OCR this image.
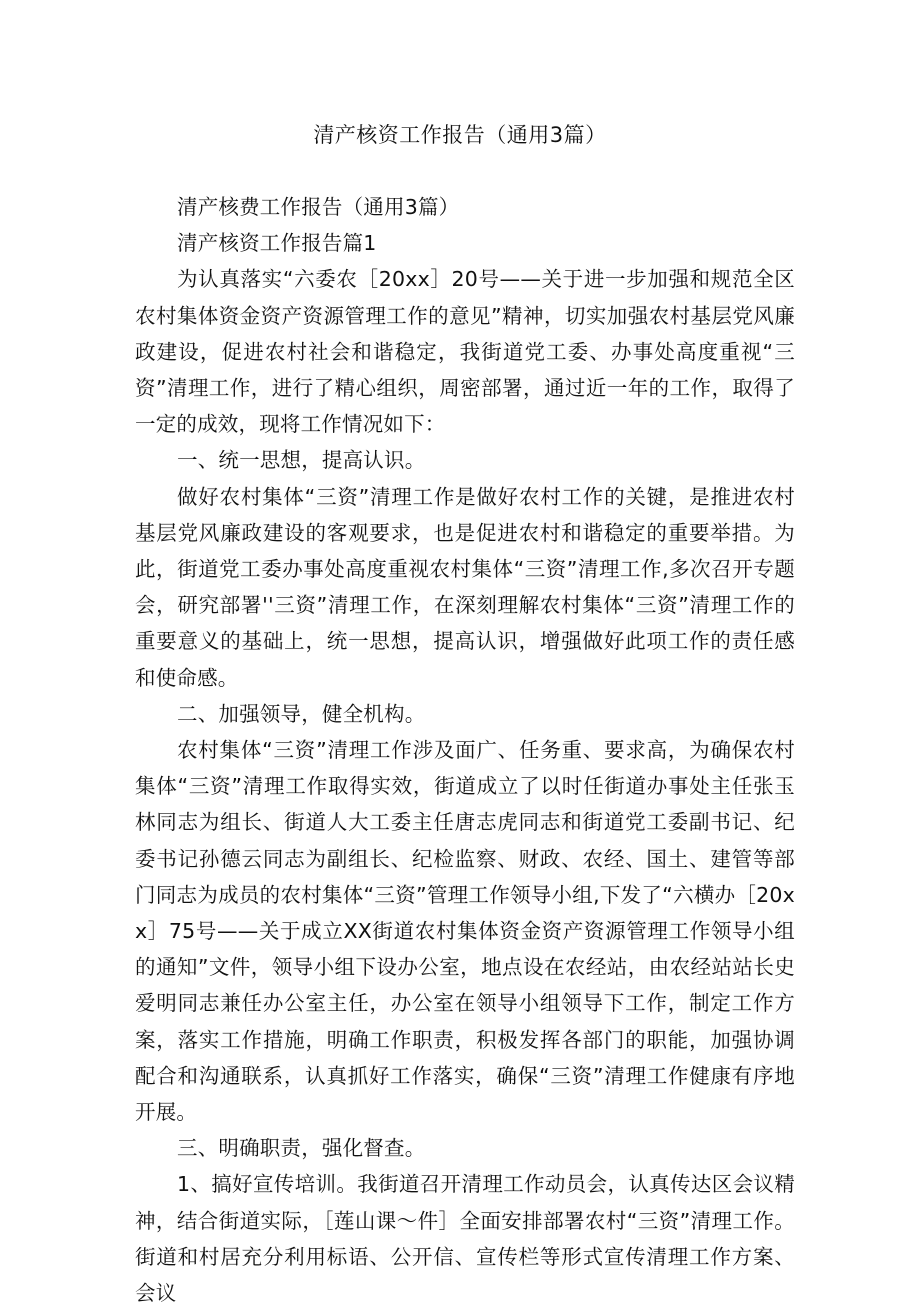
清产核资工作报告（通用3篇）

清产核费工作报告（通用3篇）

清产核资工作报告篇1

为认真落实“六委农［20xx］20号——关于进一步加强和规范全区农村集体资金资产资源管理工作的意见”精神，切实加强农村基层党风廉政建设，促进农村社会和谐稳定，我街道党工委、办事处高度重视“三资”清理工作，进行了精心组织，周密部署，通过近一年的工作，取得了一定的成效，现将工作情况如下：

一、统一思想，提高认识。

做好农村集体“三资”清理工作是做好农村工作的关键，是推进农村基层党风廉政建设的客观要求，也是促进农村和谐稳定的重要举措。为此，街道党工委办事处高度重视农村集体“三资”清理工作,多次召开专题会，研究部署''三资”清理工作，在深刻理解农村集体“三资”清理工作的重要意义的基础上，统一思想，提高认识，增强做好此项工作的责任感和使命感。

二、加强领导，健全机构。

农村集体“三资”清理工作涉及面广、任务重、要求高，为确保农村集体“三资”清理工作取得实效，街道成立了以时任街道办事处主任张玉林同志为组长、街道人大工委主任唐志虎同志和街道党工委副书记、纪委书记孙德云同志为副组长、纪检监察、财政、农经、国土、建管等部门同志为成员的农村集体“三资”管理工作领导小组,下发了“六横办［20xx］75号——关于成立XX街道农村集体资金资产资源管理工作领导小组的通知”文件，领导小组下设办公室，地点设在农经站，由农经站站长史爱明同志兼任办公室主任，办公室在领导小组领导下工作，制定工作方案，落实工作措施，明确工作职责，积极发挥各部门的职能，加强协调配合和沟通联系，认真抓好工作落实，确保“三资”清理工作健康有序地开展。

三、明确职责，强化督查。

1、搞好宣传培训。我街道召开清理工作动员会，认真传达区会议精神，结合街道实际，［莲山课〜件］全面安排部署农村“三资”清理工作。街道和村居充分利用标语、公开信、宣传栏等形式宣传清理工作方案、会议
